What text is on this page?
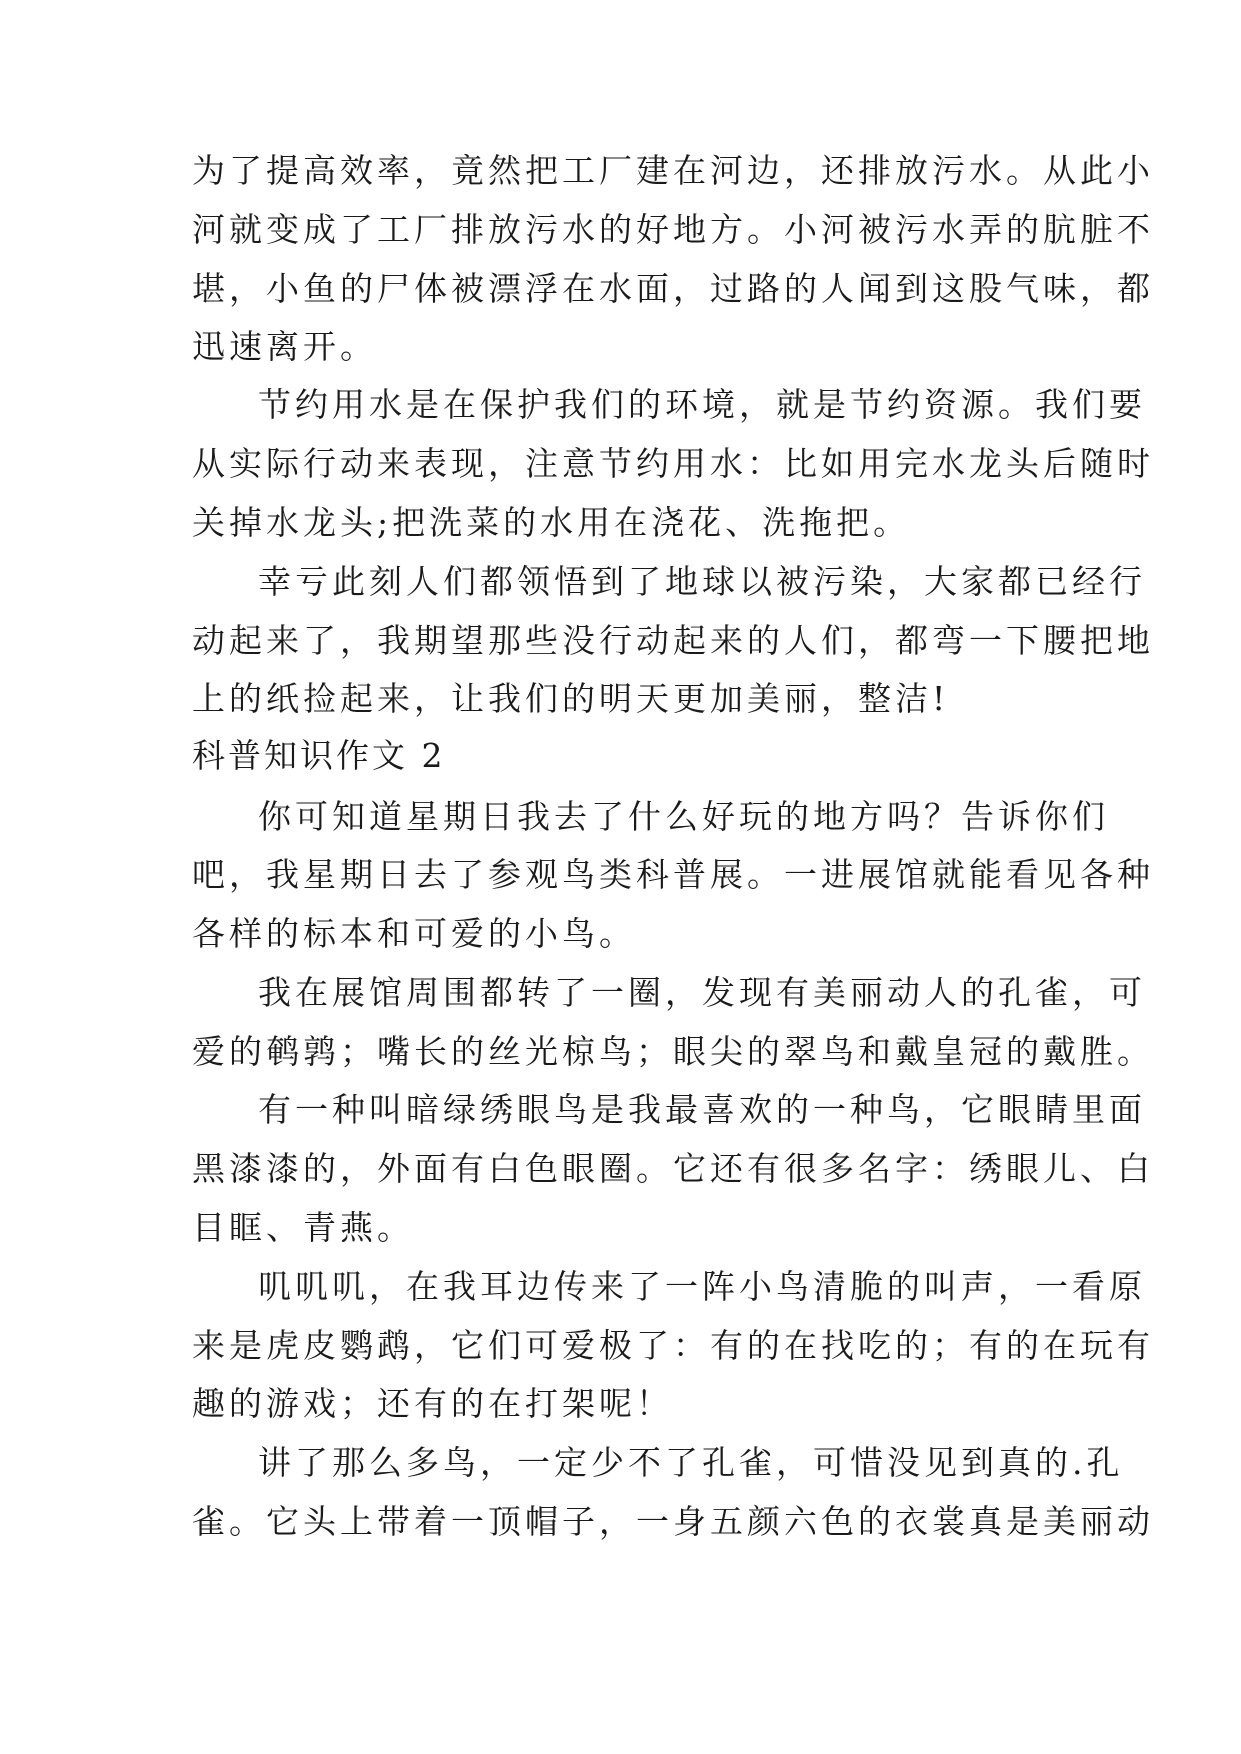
为了提高效率，竟然把工厂建在河边，还排放污水。从此小
河就变成了工厂排放污水的好地方。小河被污水弄的肮脏不
堪，小鱼的尸体被漂浮在水面，过路的人闻到这股气味，都
迅速离开。
节约用水是在保护我们的环境，就是节约资源。我们要
从实际行动来表现，注意节约用水：比如用完水龙头后随时
关掉水龙头;把洗菜的水用在浇花、洗拖把。
幸亏此刻人们都领悟到了地球以被污染，大家都已经行
动起来了，我期望那些没行动起来的人们，都弯一下腰把地
上的纸捡起来，让我们的明天更加美丽，整洁!
科普知识作文 2
你可知道星期日我去了什么好玩的地方吗？告诉你们
吧，我星期日去了参观鸟类科普展。一进展馆就能看见各种
各样的标本和可爱的小鸟。
我在展馆周围都转了一圈，发现有美丽动人的孔雀，可
爱的鹌鹑；嘴长的丝光椋鸟；眼尖的翠鸟和戴皇冠的戴胜。
有一种叫暗绿绣眼鸟是我最喜欢的一种鸟，它眼睛里面
黑漆漆的，外面有白色眼圈。它还有很多名字：绣眼儿、白
目眶、青燕。
叽叽叽，在我耳边传来了一阵小鸟清脆的叫声，一看原
来是虎皮鹦鹉，它们可爱极了：有的在找吃的；有的在玩有
趣的游戏；还有的在打架呢！
讲了那么多鸟，一定少不了孔雀，可惜没见到真的.孔
雀。它头上带着一顶帽子，一身五颜六色的衣裳真是美丽动
